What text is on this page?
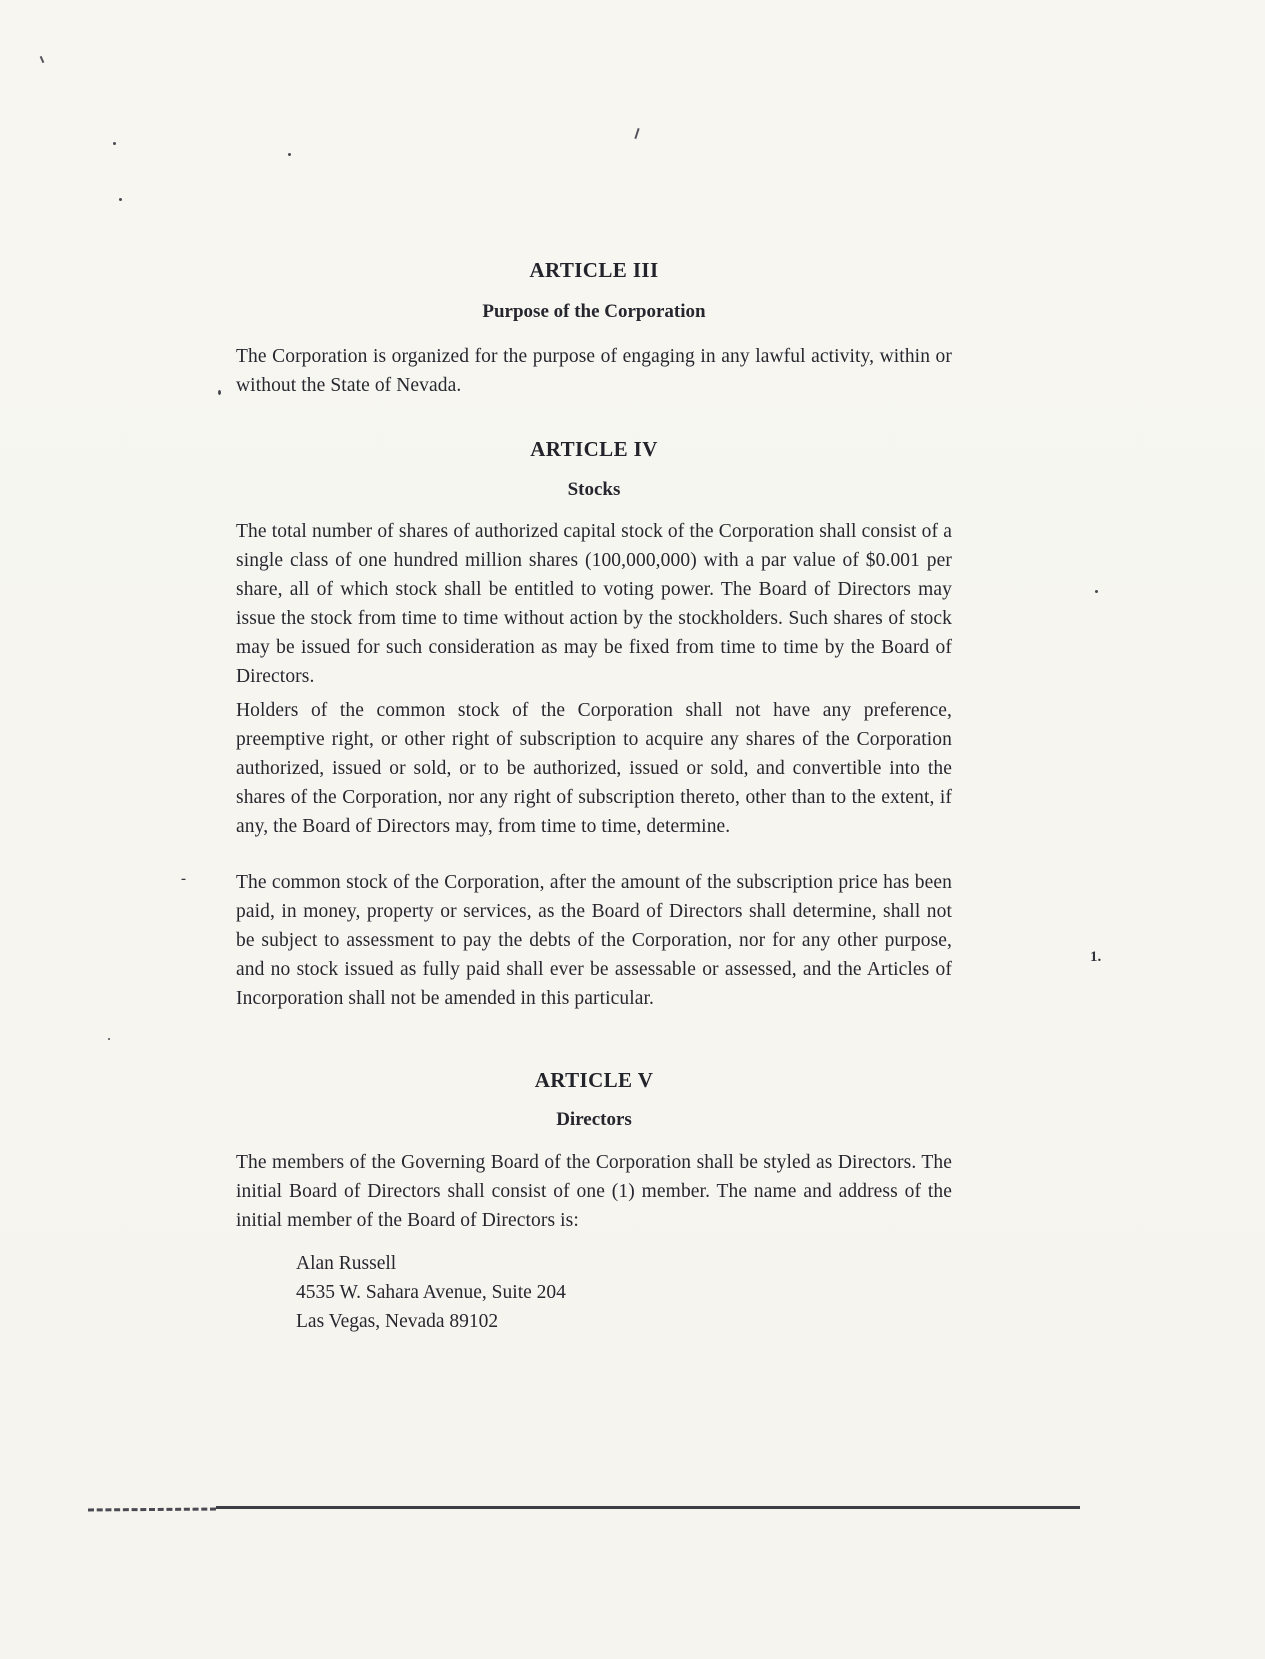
ARTICLE III
Purpose of the Corporation
The Corporation is organized for the purpose of engaging in any lawful activity, within or without the State of Nevada.
ARTICLE IV
Stocks
The total number of shares of authorized capital stock of the Corporation shall consist of a single class of one hundred million shares (100,000,000) with a par value of $0.001 per share, all of which stock shall be entitled to voting power. The Board of Directors may issue the stock from time to time without action by the stockholders. Such shares of stock may be issued for such consideration as may be fixed from time to time by the Board of Directors.
Holders of the common stock of the Corporation shall not have any preference, preemptive right, or other right of subscription to acquire any shares of the Corporation authorized, issued or sold, or to be authorized, issued or sold, and convertible into the shares of the Corporation, nor any right of subscription thereto, other than to the extent, if any, the Board of Directors may, from time to time, determine.
The common stock of the Corporation, after the amount of the subscription price has been paid, in money, property or services, as the Board of Directors shall determine, shall not be subject to assessment to pay the debts of the Corporation, nor for any other purpose, and no stock issued as fully paid shall ever be assessable or assessed, and the Articles of Incorporation shall not be amended in this particular.
ARTICLE V
Directors
The members of the Governing Board of the Corporation shall be styled as Directors. The initial Board of Directors shall consist of one (1) member. The name and address of the initial member of the Board of Directors is:
Alan Russell
4535 W. Sahara Avenue, Suite 204
Las Vegas, Nevada 89102
-
1.
